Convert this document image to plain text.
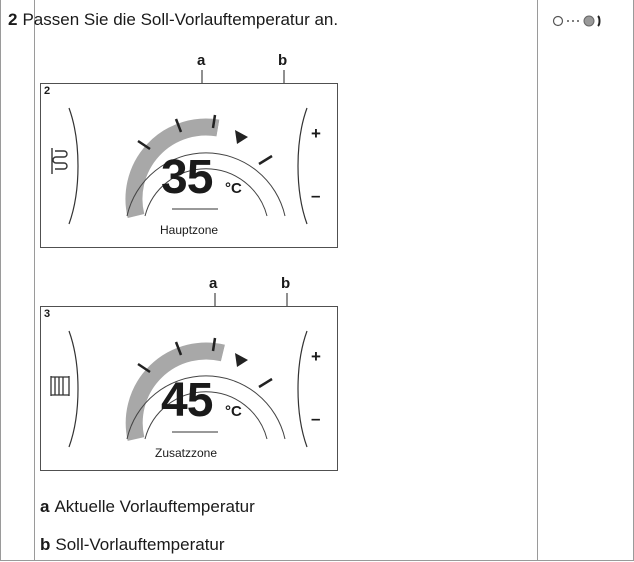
2 Passen Sie die Soll-Vorlauftemperatur an.
a	b
2
35 °C
Hauptzone
+
–
a	b
3
45 °C
Zusatzzone
+
–
a Aktuelle Vorlauftemperatur
b Soll-Vorlauftemperatur
